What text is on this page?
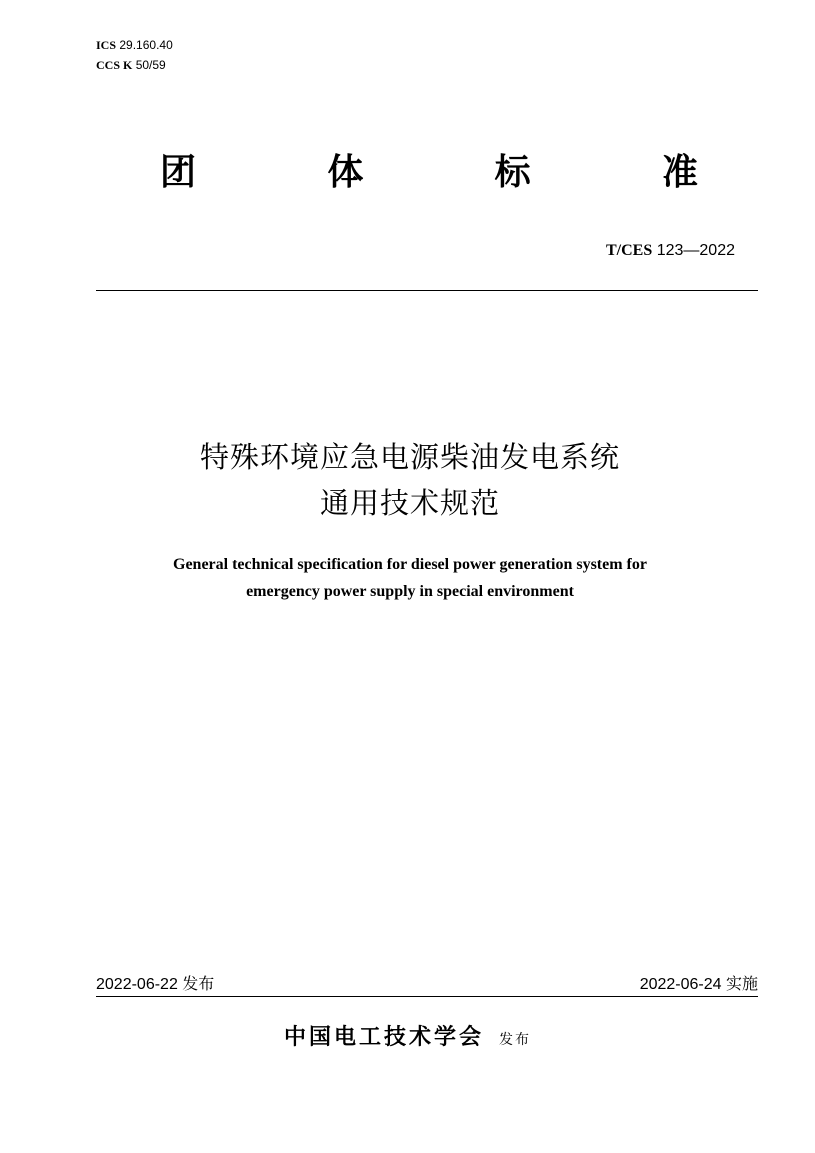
ICS 29.160.40
CCS K 50/59
团	体	标	准
T/CES 123—2022
特殊环境应急电源柴油发电系统
通用技术规范
General technical specification for diesel power generation system for
emergency power supply in special environment
2022-06-22 发布	2022-06-24 实施
中国电工技术学会 发布
